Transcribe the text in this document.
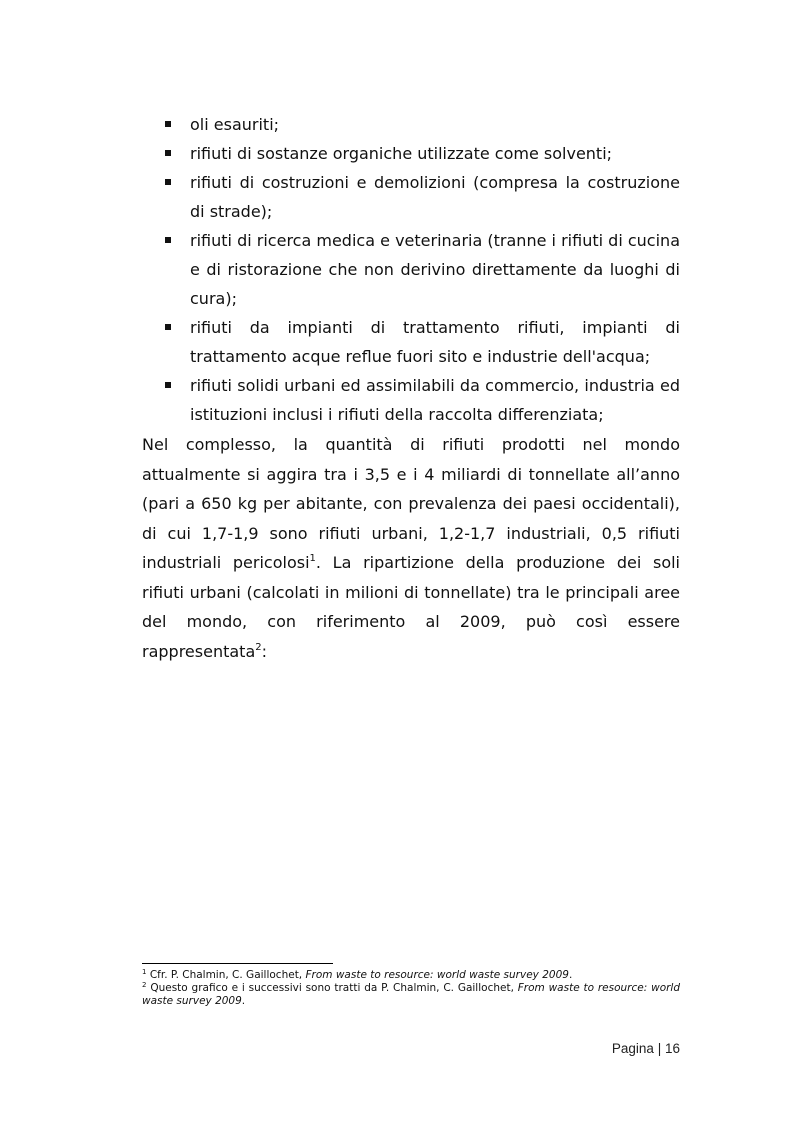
oli esauriti;
rifiuti di sostanze organiche utilizzate come solventi;
rifiuti di costruzioni e demolizioni (compresa la costruzione di strade);
rifiuti di ricerca medica e veterinaria (tranne i rifiuti di cucina e di ristorazione che non derivino direttamente da luoghi di cura);
rifiuti da impianti di trattamento rifiuti, impianti di trattamento acque reflue fuori sito e industrie dell'acqua;
rifiuti solidi urbani ed assimilabili da commercio, industria ed istituzioni inclusi i rifiuti della raccolta differenziata;

Nel complesso, la quantità di rifiuti prodotti nel mondo attualmente si aggira tra i 3,5 e i 4 miliardi di tonnellate all’anno (pari a 650 kg per abitante, con prevalenza dei paesi occidentali), di cui 1,7-1,9 sono rifiuti urbani, 1,2-1,7 industriali, 0,5 rifiuti industriali pericolosi$^1$. La ripartizione della produzione dei soli rifiuti urbani (calcolati in milioni di tonnellate) tra le principali aree del mondo, con riferimento al 2009, può così essere rappresentata$^2$:

$^1$ Cfr. P. Chalmin, C. Gaillochet, From waste to resource: world waste survey 2009.

$^2$ Questo grafico e i successivi sono tratti da P. Chalmin, C. Gaillochet, From waste to resource: world waste survey 2009.

Pagina | 16
